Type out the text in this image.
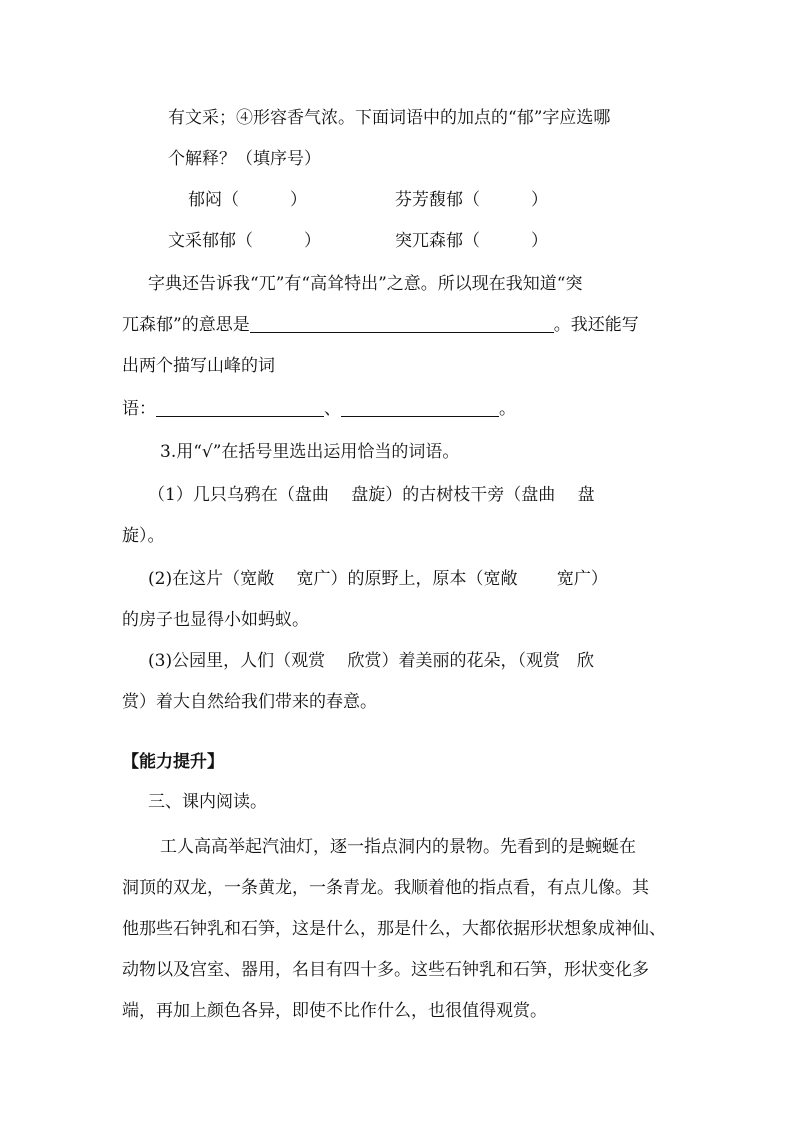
有文采；④形容香气浓。下面词语中的加点的“郁”字应选哪
个解释？（填序号）
郁闷（　　　）	芬芳馥郁（　　　）
文采郁郁（　　　）	突兀森郁（　　　）
字典还告诉我“兀”有“高耸特出”之意。所以现在我知道“突
兀森郁”的意思是	。我还能写
出两个描写山峰的词
语：	、	。
3.用“√”在括号里选出运用恰当的词语。
（1）几只乌鸦在（盘曲　 盘旋）的古树枝干旁（盘曲　 盘
旋）。
(2)在这片（宽敞　 宽广）的原野上，原本（宽敞　　 宽广）
的房子也显得小如蚂蚁。
(3)公园里，人们（观赏　 欣赏）着美丽的花朵，（观赏　欣
赏）着大自然给我们带来的春意。
【能力提升】
三、课内阅读。
工人高高举起汽油灯，逐一指点洞内的景物。先看到的是蜿蜒在
洞顶的双龙，一条黄龙，一条青龙。我顺着他的指点看，有点儿像。其
他那些石钟乳和石笋，这是什么，那是什么，大都依据形状想象成神仙、
动物以及宫室、器用，名目有四十多。这些石钟乳和石笋，形状变化多
端，再加上颜色各异，即使不比作什么，也很值得观赏。
